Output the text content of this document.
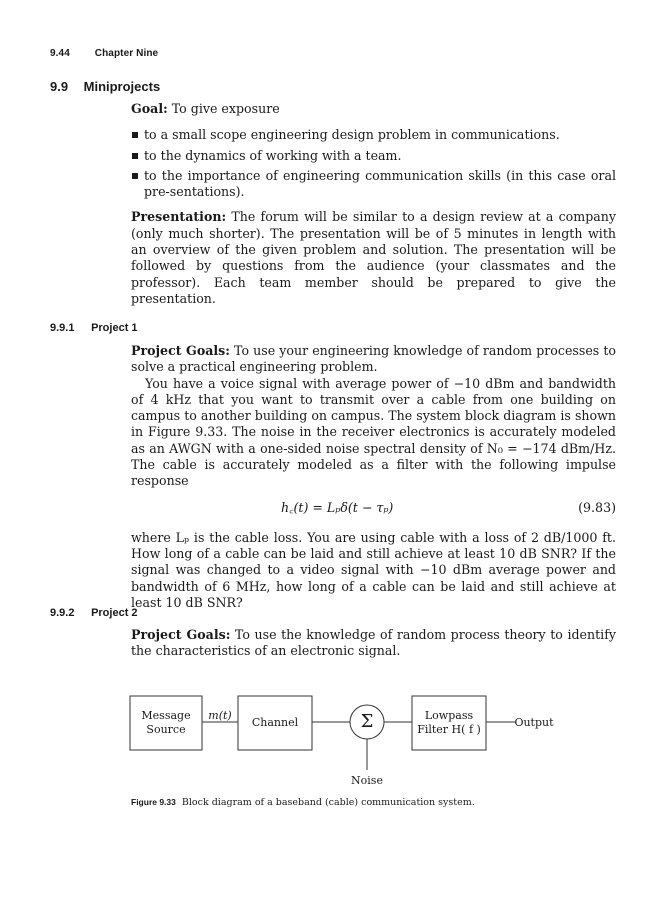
9.44 Chapter Nine
9.9 Miniprojects

Goal: To give exposure

to a small scope engineering design problem in communications.
to the dynamics of working with a team.
to the importance of engineering communication skills (in this case oral pre-sentations).

Presentation: The forum will be similar to a design review at a company (only much shorter). The presentation will be of 5 minutes in length with an overview of the given problem and solution. The presentation will be followed by questions from the audience (your classmates and the professor). Each team member should be prepared to give the presentation.

9.9.1 Project 1

Project Goals: To use your engineering knowledge of random processes to solve a practical engineering problem.

You have a voice signal with average power of −10 dBm and bandwidth of 4 kHz that you want to transmit over a cable from one building on campus to another building on campus. The system block diagram is shown in Figure 9.33. The noise in the receiver electronics is accurately modeled as an AWGN with a one-sided noise spectral density of N₀ = −174 dBm/Hz. The cable is accurately modeled as a filter with the following impulse response

h꜀(t) = Lₚδ(t − τₚ)	(9.83)

where Lₚ is the cable loss. You are using cable with a loss of 2 dB/1000 ft. How long of a cable can be laid and still achieve at least 10 dB SNR? If the signal was changed to a video signal with −10 dBm average power and bandwidth of 6 MHz, how long of a cable can be laid and still achieve at least 10 dB SNR?

9.9.2 Project 2

Project Goals: To use the knowledge of random process theory to identify the characteristics of an electronic signal.

Message
Source
m(t)
Channel	Σ	Lowpass
Filter H( f )
Output
Noise
Figure 9.33 Block diagram of a baseband (cable) communication system.
